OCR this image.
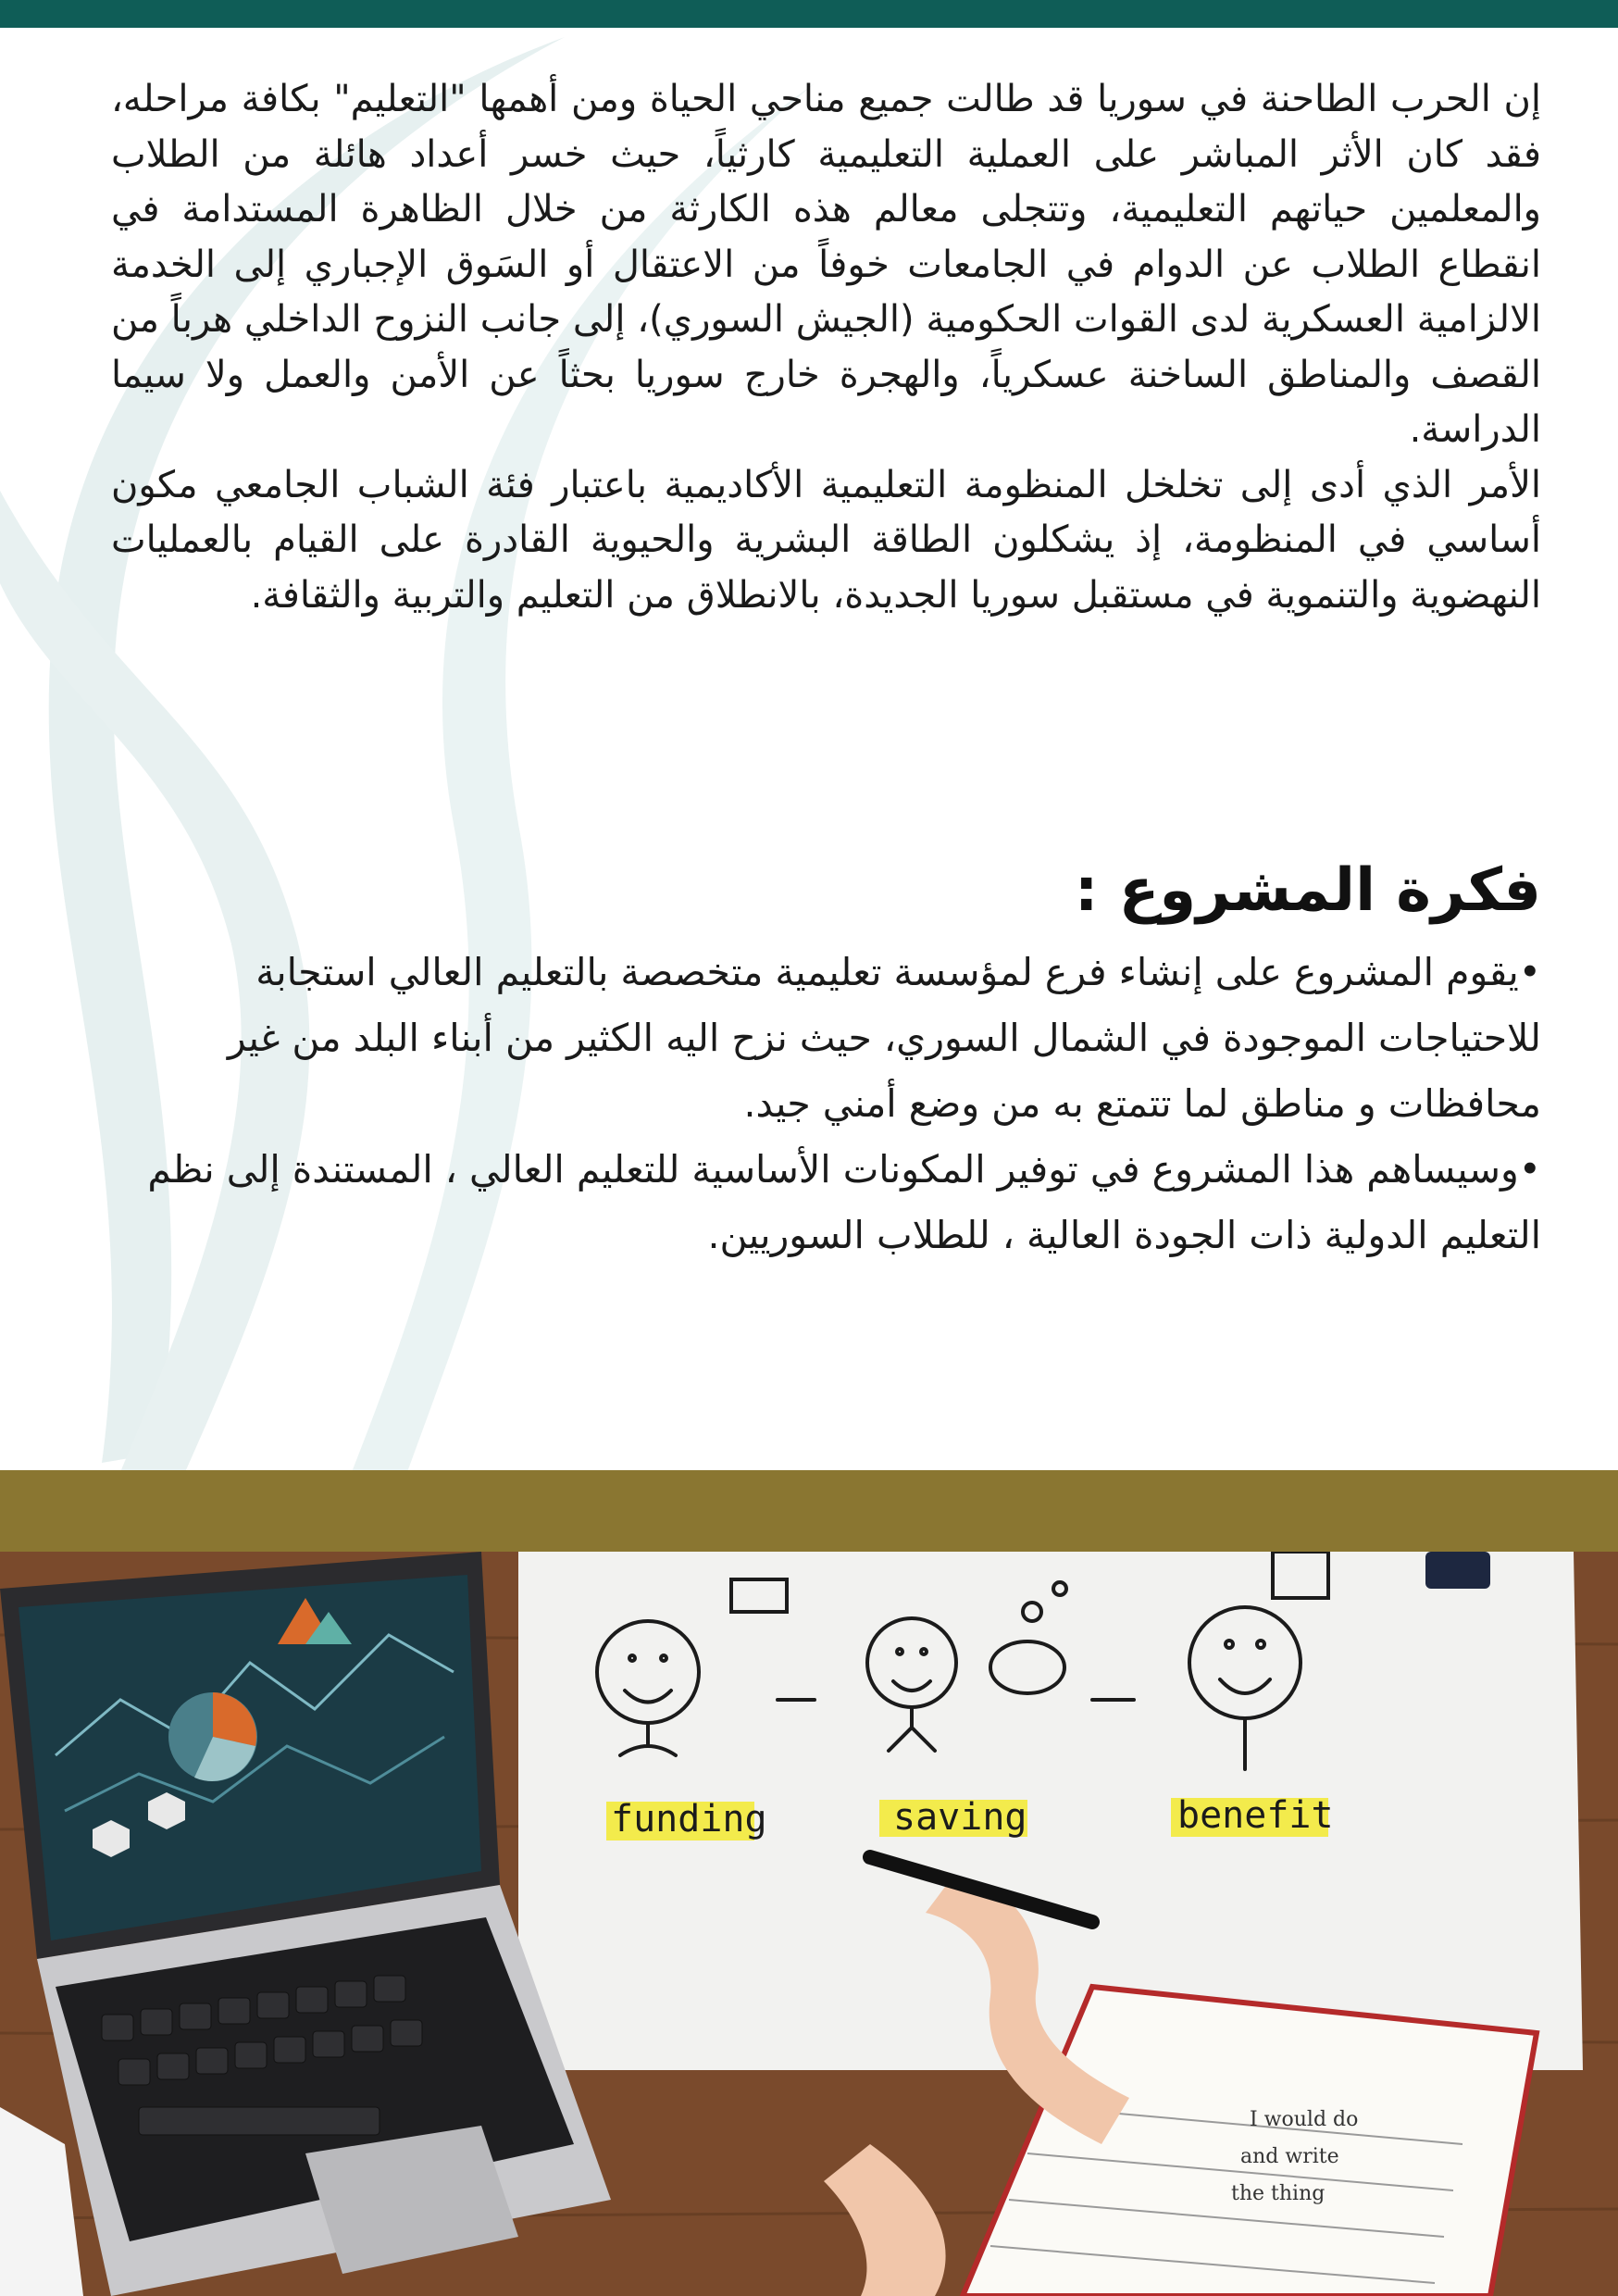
إن الحرب الطاحنة في سوريا قد طالت جميع مناحي الحياة ومن أهمها "التعليم" بكافة مراحله، فقد كان الأثر المباشر على العملية التعليمية كارثياً، حيث خسر أعداد هائلة من الطلاب والمعلمين حياتهم التعليمية، وتتجلى معالم هذه الكارثة من خلال الظاهرة المستدامة في انقطاع الطلاب عن الدوام في الجامعات خوفاً من الاعتقال أو السَوق الإجباري إلى الخدمة الالزامية العسكرية لدى القوات الحكومية (الجيش السوري)، إلى جانب النزوح الداخلي هرباً من القصف والمناطق الساخنة عسكرياً، والهجرة خارج سوريا بحثاً عن الأمن والعمل ولا سيما الدراسة.

الأمر الذي أدى إلى تخلخل المنظومة التعليمية الأكاديمية باعتبار فئة الشباب الجامعي مكون أساسي في المنظومة، إذ يشكلون الطاقة البشرية والحيوية القادرة على القيام بالعمليات النهضوية والتنموية في مستقبل سوريا الجديدة، بالانطلاق من التعليم والتربية والثقافة.

فكرة المشروع :

•يقوم المشروع على إنشاء فرع لمؤسسة تعليمية متخصصة بالتعليم العالي استجابة للاحتياجات الموجودة في الشمال السوري، حيث نزح اليه الكثير من أبناء البلد من غير محافظات و مناطق لما تتمتع به من وضع أمني جيد.

•وسيساهم هذا المشروع في توفير المكونات الأساسية للتعليم العالي ، المستندة إلى نظم التعليم الدولية ذات الجودة العالية ، للطلاب السوريين.

I would do
and write
the thing
funding	saving	benefit
